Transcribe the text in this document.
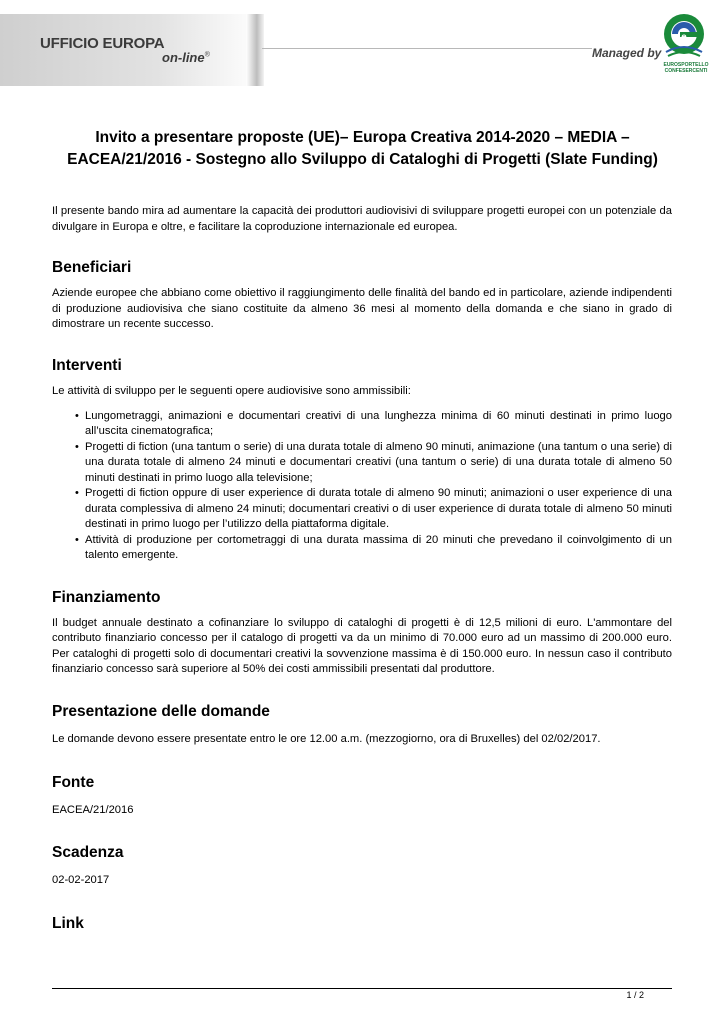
UFFICIO EUROPA
on-line®	Managed by
e
EUROSPORTELLO CONFESERCENTI
Invito a presentare proposte (UE)– Europa Creativa 2014-2020 – MEDIA – EACEA/21/2016 - Sostegno allo Sviluppo di Cataloghi di Progetti (Slate Funding)

Il presente bando mira ad aumentare la capacità dei produttori audiovisivi di sviluppare progetti europei con un potenziale da divulgare in Europa e oltre, e facilitare la coproduzione internazionale ed europea.

Beneficiari

Aziende europee che abbiano come obiettivo il raggiungimento delle finalità del bando ed in particolare, aziende indipendenti di produzione audiovisiva che siano costituite da almeno 36 mesi al momento della domanda e che siano in grado di dimostrare un recente successo.

Interventi

Le attività di sviluppo per le seguenti opere audiovisive sono ammissibili:

• Lungometraggi, animazioni e documentari creativi di una lunghezza minima di 60 minuti destinati in primo luogo all’uscita cinematografica;
• Progetti di fiction (una tantum o serie) di una durata totale di almeno 90 minuti, animazione (una tantum o una serie) di una durata totale di almeno 24 minuti e documentari creativi (una tantum o serie) di una durata totale di almeno 50 minuti destinati in primo luogo alla televisione;
• Progetti di fiction oppure di user experience di durata totale di almeno 90 minuti; animazioni o user experience di una durata complessiva di almeno 24 minuti; documentari creativi o di user experience di durata totale di almeno 50 minuti destinati in primo luogo per l’utilizzo della piattaforma digitale.
• Attività di produzione per cortometraggi di una durata massima di 20 minuti che prevedano il coinvolgimento di un talento emergente.
Finanziamento

Il budget annuale destinato a cofinanziare lo sviluppo di cataloghi di progetti è di 12,5 milioni di euro. L'ammontare del contributo finanziario concesso per il catalogo di progetti va da un minimo di 70.000 euro ad un massimo di 200.000 euro. Per cataloghi di progetti solo di documentari creativi la sovvenzione massima è di 150.000 euro. In nessun caso il contributo finanziario concesso sarà superiore al 50% dei costi ammissibili presentati dal produttore.

Presentazione delle domande

Le domande devono essere presentate entro le ore 12.00 a.m. (mezzogiorno, ora di Bruxelles) del 02/02/2017.

Fonte

EACEA/21/2016

Scadenza

02-02-2017

Link
1 / 2
